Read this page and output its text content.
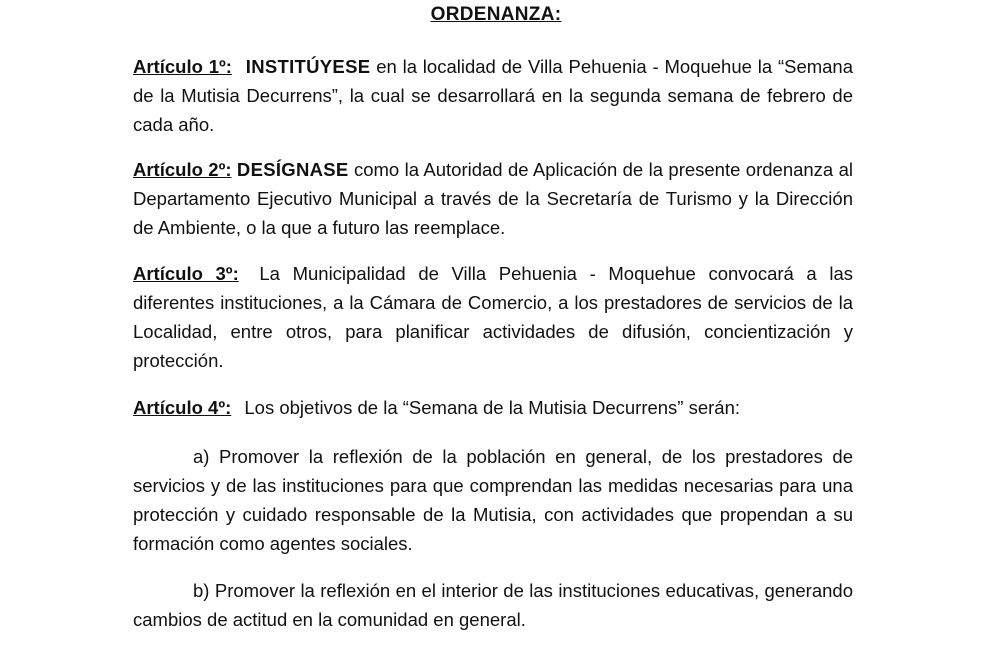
ORDENANZA:
Artículo 1º: INSTITÚYESE en la localidad de Villa Pehuenia - Moquehue la “Semana de la Mutisia Decurrens”, la cual se desarrollará en la segunda semana de febrero de cada año.
Artículo 2º: DESÍGNASE como la Autoridad de Aplicación de la presente ordenanza al Departamento Ejecutivo Municipal a través de la Secretaría de Turismo y la Dirección de Ambiente, o la que a futuro las reemplace.
Artículo 3º: La Municipalidad de Villa Pehuenia - Moquehue convocará a las diferentes instituciones, a la Cámara de Comercio, a los prestadores de servicios de la Localidad, entre otros, para planificar actividades de difusión, concientización y protección.
Artículo 4º: Los objetivos de la “Semana de la Mutisia Decurrens” serán:
a) Promover la reflexión de la población en general, de los prestadores de servicios y de las instituciones para que comprendan las medidas necesarias para una protección y cuidado responsable de la Mutisia, con actividades que propendan a su formación como agentes sociales.
b) Promover la reflexión en el interior de las instituciones educativas, generando cambios de actitud en la comunidad en general.
